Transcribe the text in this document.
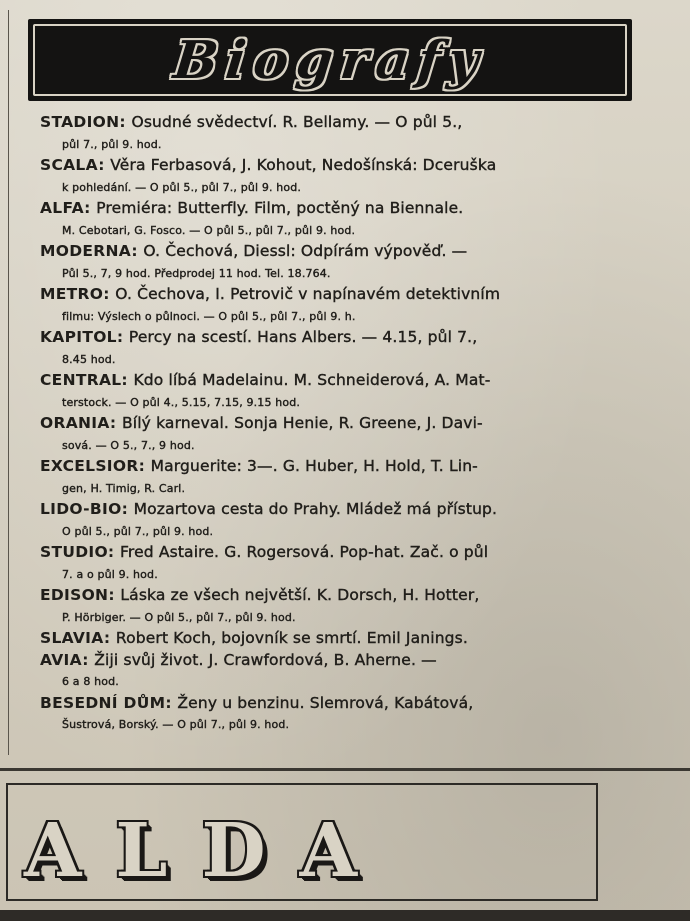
Biografy
STADION: Osudné svědectví. R. Bellamy. — O půl 5.,
půl 7., půl 9. hod.
SCALA: Věra Ferbasová, J. Kohout, Nedošínská: Dceruška
k pohledání. — O půl 5., půl 7., půl 9. hod.
ALFA: Premiéra: Butterfly. Film, poctěný na Biennale.
M. Cebotari, G. Fosco. — O půl 5., půl 7., půl 9. hod.
MODERNA: O. Čechová, Diessl: Odpírám výpověď. —
Půl 5., 7, 9 hod. Předprodej 11 hod. Tel. 18.764.
METRO: O. Čechova, I. Petrovič v napínavém detektivním
filmu: Výslech o půlnoci. — O půl 5., půl 7., půl 9. h.
KAPITOL: Percy na scestí. Hans Albers. — 4.15, půl 7.,
8.45 hod.
CENTRAL: Kdo líbá Madelainu. M. Schneiderová, A. Mat-
terstock. — O půl 4., 5.15, 7.15, 9.15 hod.
ORANIA: Bílý karneval. Sonja Henie, R. Greene, J. Davi-
sová. — O 5., 7., 9 hod.
EXCELSIOR: Marguerite: 3—. G. Huber, H. Hold, T. Lin-
gen, H. Timig, R. Carl.
LIDO-BIO: Mozartova cesta do Prahy. Mládež má přístup.
O půl 5., půl 7., půl 9. hod.
STUDIO: Fred Astaire. G. Rogersová. Pop-hat. Zač. o půl
7. a o půl 9. hod.
EDISON: Láska ze všech největší. K. Dorsch, H. Hotter,
P. Hörbiger. — O půl 5., půl 7., půl 9. hod.
SLAVIA: Robert Koch, bojovník se smrtí. Emil Janings.
AVIA: Žiji svůj život. J. Crawfordová, B. Aherne. —
6 a 8 hod.
BESEDNÍ DŮM: Ženy u benzinu. Slemrová, Kabátová,
Šustrová, Borský. — O půl 7., půl 9. hod.
ALDA
